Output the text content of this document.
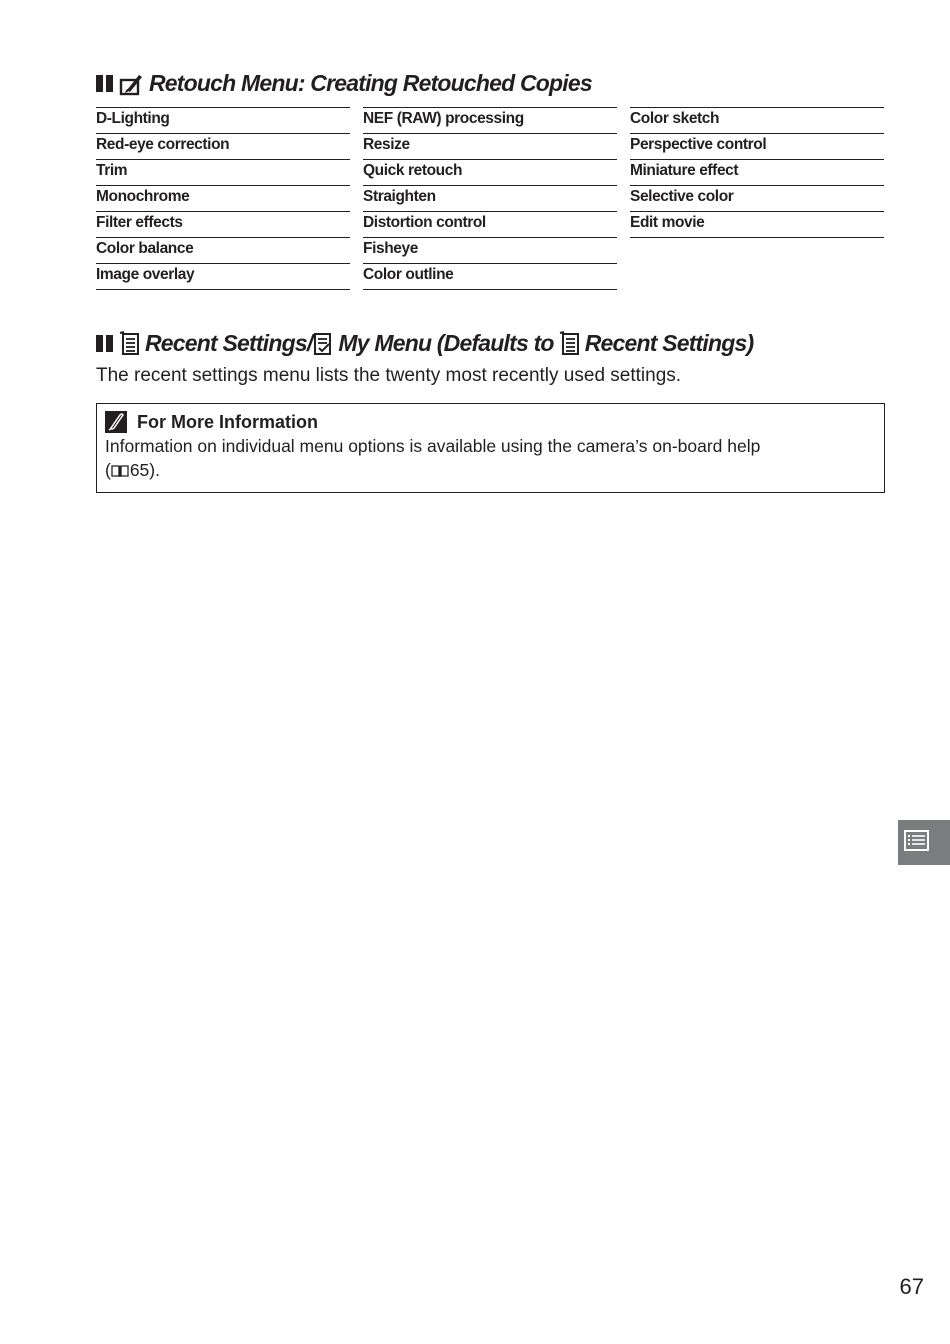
Retouch Menu: Creating Retouched Copies
D-Lighting
Red-eye correction
Trim
Monochrome
Filter effects
Color balance
Image overlay
NEF (RAW) processing
Resize
Quick retouch
Straighten
Distortion control
Fisheye
Color outline
Color sketch
Perspective control
Miniature effect
Selective color
Edit movie
Recent Settings/ My Menu (Defaults to Recent Settings)

The recent settings menu lists the twenty most recently used settings.

For More Information

Information on individual menu options is available using the camera’s on-board help
( 65).

67
